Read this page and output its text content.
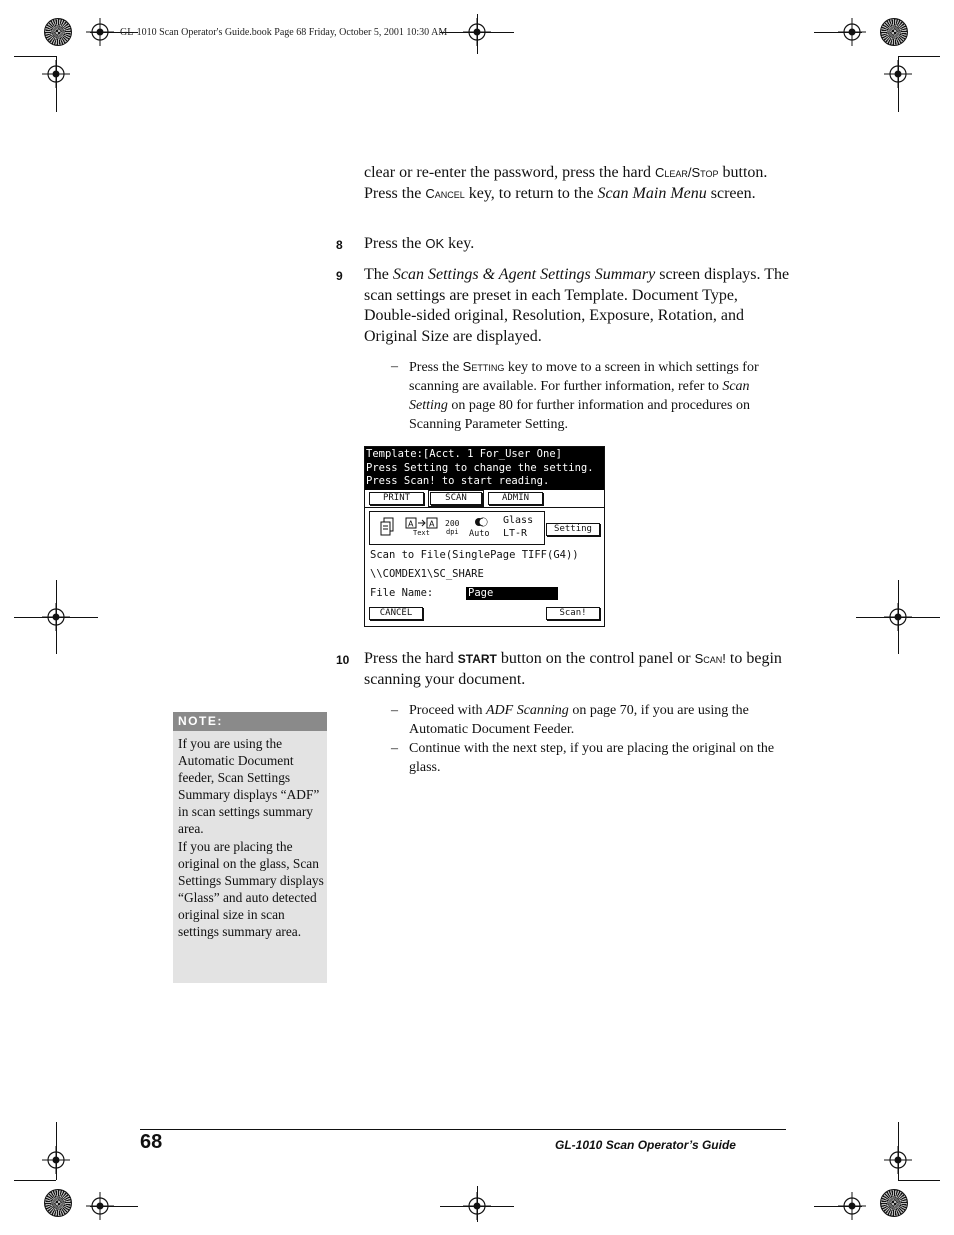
GL-1010 Scan Operator's Guide.book Page 68 Friday, October 5, 2001 10:30 AM
clear or re-enter the password, press the hard Clear/Stop button. Press the Cancel key, to return to the Scan Main Menu screen.
8 Press the OK key.
9 The Scan Settings & Agent Settings Summary screen displays. The scan settings are preset in each Template. Document Type, Double-sided original, Resolution, Exposure, Rotation, and Original Size are displayed.
– Press the Setting key to move to a screen in which settings for scanning are available. For further information, refer to Scan Setting on page 80 for further information and procedures on Scanning Parameter Setting.
Template:[Acct. 1 For_User One]
Press Setting to change the setting.
Press Scan! to start reading.
PRINT	SCAN	ADMIN
A A
Text
200
dpi Auto
Glass
LT-R	Setting
Scan to File(SinglePage TIFF(G4))
\\COMDEX1\SC_SHARE
File Name:	Page
CANCEL	Scan!
10 Press the hard START button on the control panel or Scan! to begin scanning your document.
– Proceed with ADF Scanning on page 70, if you are using the Automatic Document Feeder.
– Continue with the next step, if you are placing the original on the glass.
NOTE:
If you are using the Automatic Document feeder, Scan Settings Summary displays “ADF” in scan settings summary area.
If you are placing the original on the glass, Scan Settings Summary displays “Glass” and auto detected original size in scan settings summary area.
68	GL-1010 Scan Operator’s Guide
